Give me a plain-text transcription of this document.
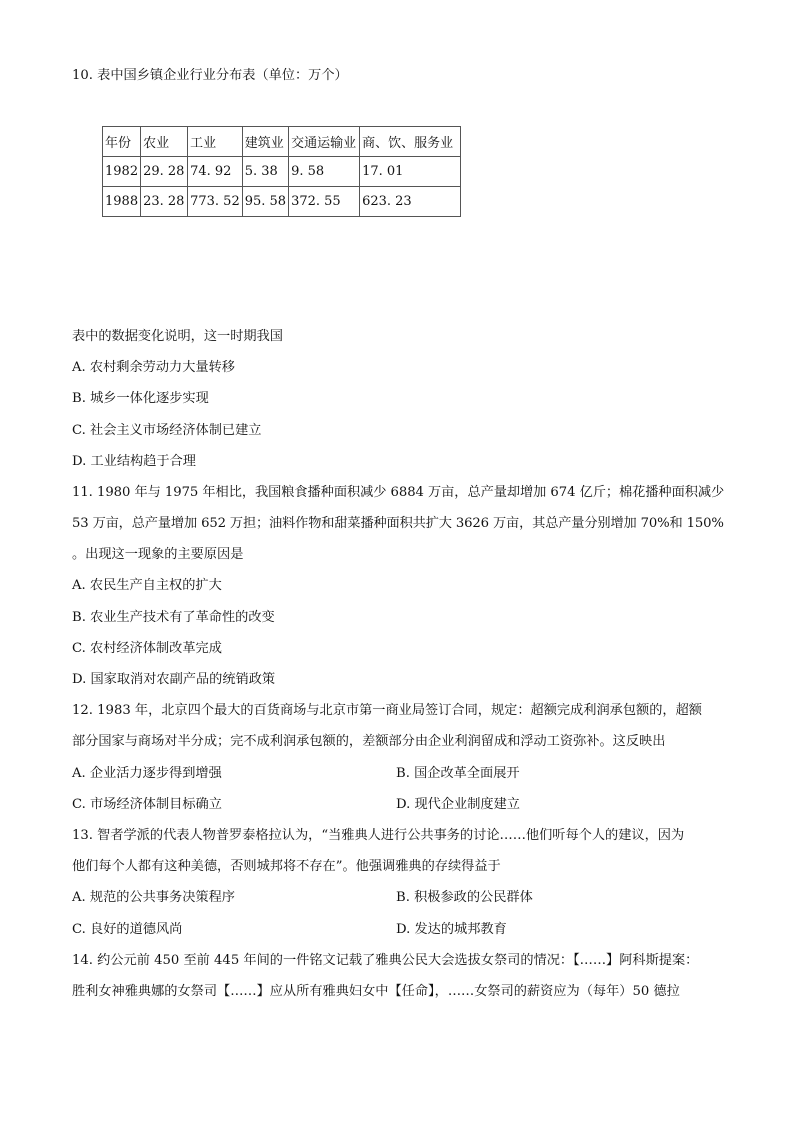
10. 表中国乡镇企业行业分布表（单位：万个）
年份	农业	工业	建筑业	交通运输业	商、饮、服务业
1982	29. 28	74. 92	5. 38	9. 58	17. 01
1988	23. 28	773. 52	95. 58	372. 55	623. 23
表中的数据变化说明，这一时期我国
A. 农村剩余劳动力大量转移
B. 城乡一体化逐步实现
C. 社会主义市场经济体制已建立
D. 工业结构趋于合理
11. 1980 年与 1975 年相比，我国粮食播种面积减少 6884 万亩，总产量却增加 674 亿斤；棉花播种面积减少
53 万亩，总产量增加 652 万担；油料作物和甜菜播种面积共扩大 3626 万亩，其总产量分别增加 70%和 150%
。出现这一现象的主要原因是
A. 农民生产自主权的扩大
B. 农业生产技术有了革命性的改变
C. 农村经济体制改革完成
D. 国家取消对农副产品的统销政策
12. 1983 年，北京四个最大的百货商场与北京市第一商业局签订合同，规定：超额完成利润承包额的，超额
部分国家与商场对半分成；完不成利润承包额的，差额部分由企业利润留成和浮动工资弥补。这反映出
A. 企业活力逐步得到增强	B. 国企改革全面展开
C. 市场经济体制目标确立	D. 现代企业制度建立
13. 智者学派的代表人物普罗泰格拉认为，“当雅典人进行公共事务的讨论……他们听每个人的建议，因为
他们每个人都有这种美德，否则城邦将不存在”。他强调雅典的存续得益于
A. 规范的公共事务决策程序	B. 积极参政的公民群体
C. 良好的道德风尚	D. 发达的城邦教育
14. 约公元前 450 至前 445 年间的一件铭文记载了雅典公民大会选拔女祭司的情况：【……】阿科斯提案：
胜利女神雅典娜的女祭司【……】应从所有雅典妇女中【任命】，……女祭司的薪资应为（每年）50 德拉
